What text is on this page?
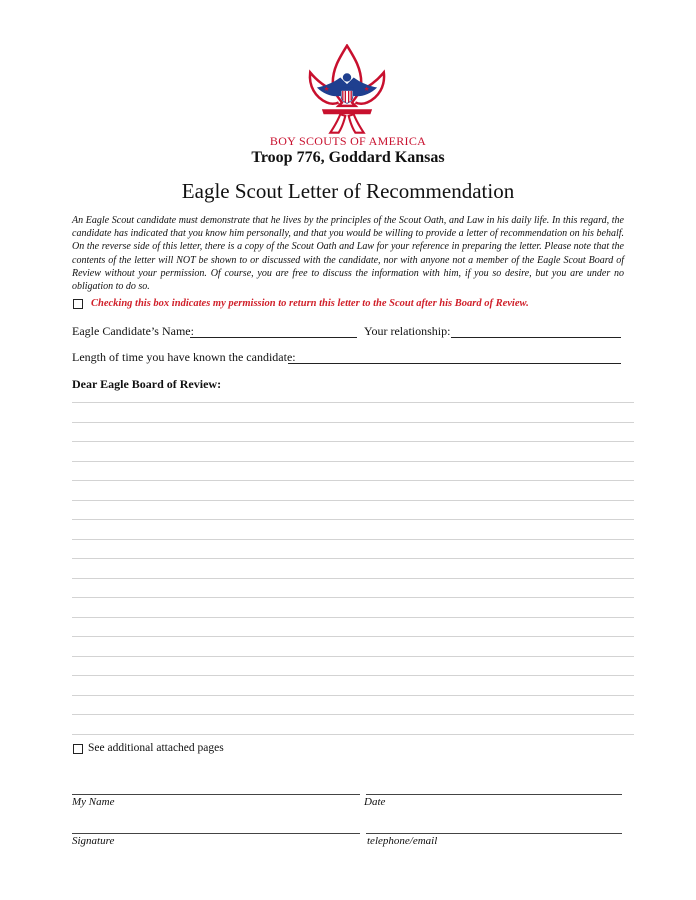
★	★
BOY SCOUTS OF AMERICA
Troop 776, Goddard Kansas
Eagle Scout Letter of Recommendation
An Eagle Scout candidate must demonstrate that he lives by the principles of the Scout Oath, and Law in his daily life. In this regard, the candidate has indicated that you know him personally, and that you would be willing to provide a letter of recommendation on his behalf. On the reverse side of this letter, there is a copy of the Scout Oath and Law for your reference in preparing the letter. Please note that the contents of the letter will NOT be shown to or discussed with the candidate, nor with anyone not a member of the Eagle Scout Board of Review without your permission. Of course, you are free to discuss the information with him, if you so desire, but you are under no obligation to do so.
Checking this box indicates my permission to return this letter to the Scout after his Board of Review.
Eagle Candidate’s Name:	Your relationship:
Length of time you have known the candidate:
Dear Eagle Board of Review:
See additional attached pages
My Name	Date
Signature	telephone/email
